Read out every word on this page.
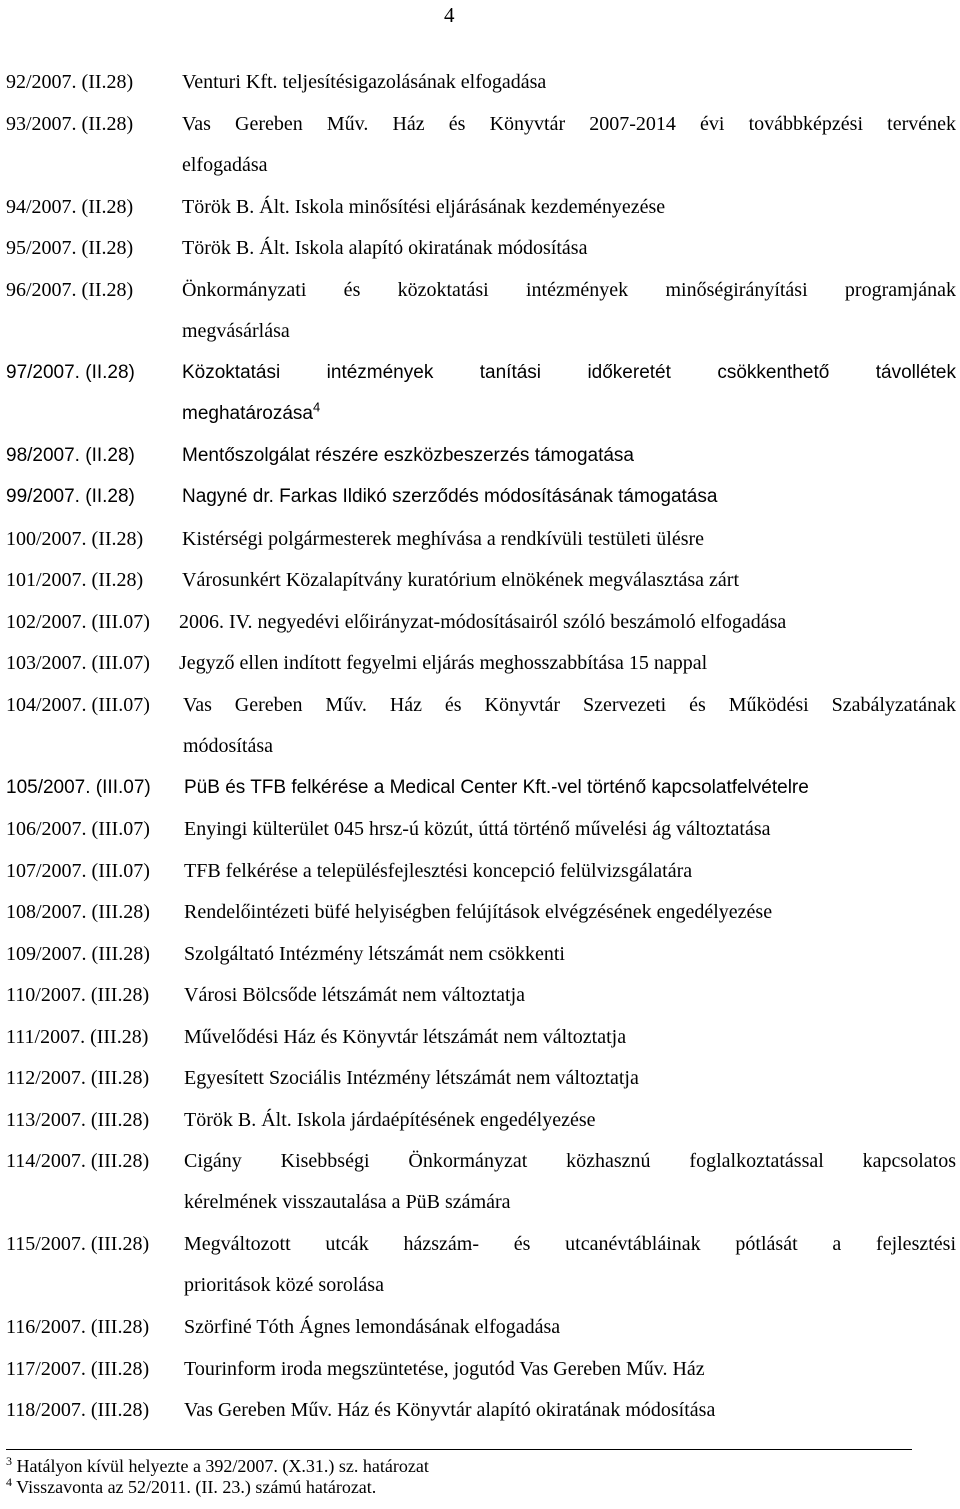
4
92/2007. (II.28) Venturi Kft. teljesítésigazolásának elfogadása
93/2007. (II.28) Vas Gereben Műv. Ház és Könyvtár 2007-2014 évi továbbképzési tervének
elfogadása
94/2007. (II.28) Török B. Ált. Iskola minősítési eljárásának kezdeményezése
95/2007. (II.28) Török B. Ált. Iskola alapító okiratának módosítása
96/2007. (II.28) Önkormányzati és közoktatási intézmények minőségirányítási programjának
megvásárlása
97/2007. (II.28) Közoktatási intézmények tanítási időkeretét csökkenthető távollétek
meghatározása$^4$
98/2007. (II.28) Mentőszolgálat részére eszközbeszerzés támogatása
99/2007. (II.28) Nagyné dr. Farkas Ildikó szerződés módosításának támogatása
100/2007. (II.28) Kistérségi polgármesterek meghívása a rendkívüli testületi ülésre
101/2007. (II.28) Városunkért Közalapítvány kuratórium elnökének megválasztása zárt
102/2007. (III.07) 2006. IV. negyedévi előirányzat-módosításairól szóló beszámoló elfogadása
103/2007. (III.07) Jegyző ellen indított fegyelmi eljárás meghosszabbítása 15 nappal
104/2007. (III.07) Vas Gereben Műv. Ház és Könyvtár Szervezeti és Működési Szabályzatának
módosítása
105/2007. (III.07) PüB és TFB felkérése a Medical Center Kft.-vel történő kapcsolatfelvételre
106/2007. (III.07) Enyingi külterület 045 hrsz-ú közút, úttá történő művelési ág változtatása
107/2007. (III.07) TFB felkérése a településfejlesztési koncepció felülvizsgálatára
108/2007. (III.28) Rendelőintézeti büfé helyiségben felújítások elvégzésének engedélyezése
109/2007. (III.28) Szolgáltató Intézmény létszámát nem csökkenti
110/2007. (III.28) Városi Bölcsőde létszámát nem változtatja
111/2007. (III.28) Művelődési Ház és Könyvtár létszámát nem változtatja
112/2007. (III.28) Egyesített Szociális Intézmény létszámát nem változtatja
113/2007. (III.28) Török B. Ált. Iskola járdaépítésének engedélyezése
114/2007. (III.28) Cigány Kisebbségi Önkormányzat közhasznú foglalkoztatással kapcsolatos
kérelmének visszautalása a PüB számára
115/2007. (III.28) Megváltozott utcák házszám- és utcanévtábláinak pótlását a fejlesztési
prioritások közé sorolása
116/2007. (III.28) Szörfiné Tóth Ágnes lemondásának elfogadása
117/2007. (III.28) Tourinform iroda megszüntetése, jogutód Vas Gereben Műv. Ház
118/2007. (III.28) Vas Gereben Műv. Ház és Könyvtár alapító okiratának módosítása
$^3$ Hatályon kívül helyezte a 392/2007. (X.31.) sz. határozat
$^4$ Visszavonta az 52/2011. (II. 23.) számú határozat.
